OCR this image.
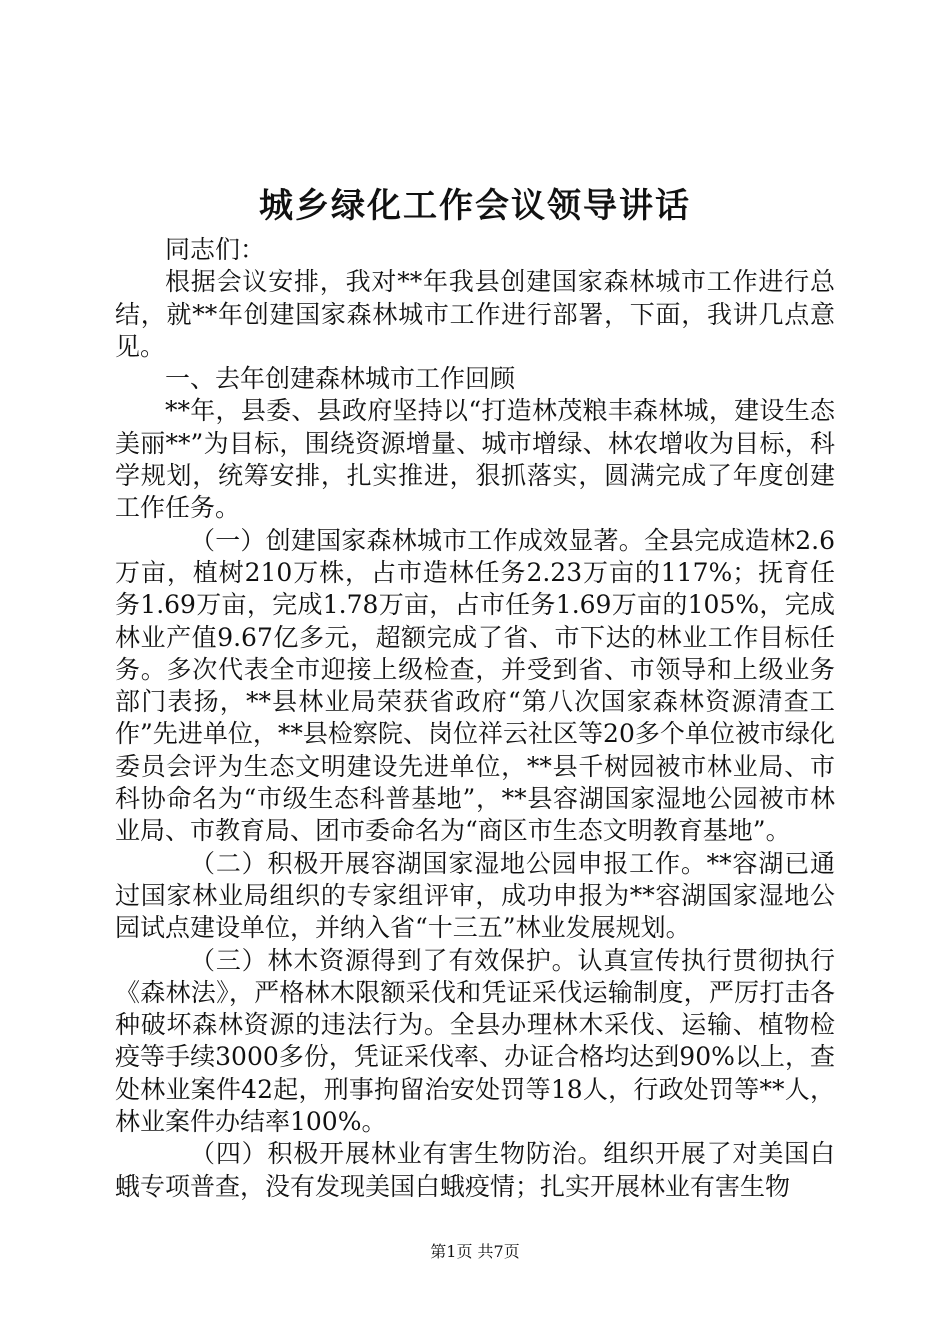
城乡绿化工作会议领导讲话

同志们：

根据会议安排，我对**年我县创建国家森林城市工作进行总结，就**年创建国家森林城市工作进行部署，下面，我讲几点意见。

一、去年创建森林城市工作回顾

**年，县委、县政府坚持以“打造林茂粮丰森林城，建设生态美丽**”为目标，围绕资源增量、城市增绿、林农增收为目标，科学规划，统筹安排，扎实推进，狠抓落实，圆满完成了年度创建工作任务。

（一）创建国家森林城市工作成效显著。全县完成造林2.6万亩，植树210万株，占市造林任务2.23万亩的117%；抚育任务1.69万亩，完成1.78万亩，占市任务1.69万亩的105%，完成林业产值9.67亿多元，超额完成了省、市下达的林业工作目标任务。多次代表全市迎接上级检查，并受到省、市领导和上级业务部门表扬，**县林业局荣获省政府“第八次国家森林资源清查工作”先进单位，**县检察院、岗位祥云社区等20多个单位被市绿化委员会评为生态文明建设先进单位，**县千树园被市林业局、市科协命名为“市级生态科普基地”，**县容湖国家湿地公园被市林业局、市教育局、团市委命名为“商区市生态文明教育基地”。

（二）积极开展容湖国家湿地公园申报工作。**容湖已通过国家林业局组织的专家组评审，成功申报为**容湖国家湿地公园试点建设单位，并纳入省“十三五”林业发展规划。

（三）林木资源得到了有效保护。认真宣传执行贯彻执行《森林法》，严格林木限额采伐和凭证采伐运输制度，严厉打击各种破坏森林资源的违法行为。全县办理林木采伐、运输、植物检疫等手续3000多份，凭证采伐率、办证合格均达到90%以上，查处林业案件42起，刑事拘留治安处罚等18人，行政处罚等**人，林业案件办结率100%。

（四）积极开展林业有害生物防治。组织开展了对美国白蛾专项普查，没有发现美国白蛾疫情；扎实开展林业有害生物

第1页 共7页
